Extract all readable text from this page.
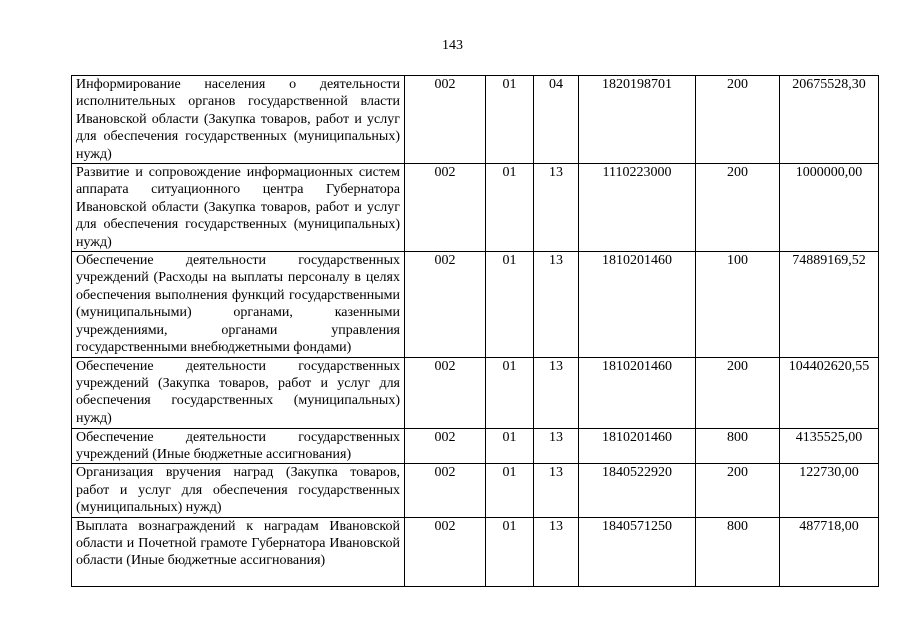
143
Информирование населения о деятельности исполнительных органов государственной власти Ивановской области (Закупка товаров, работ и услуг для обеспечения государственных (муниципальных) нужд)	002	01	04	1820198701	200	20675528,30
Развитие и сопровождение информационных систем аппарата ситуационного центра Губернатора Ивановской области (Закупка товаров, работ и услуг для обеспечения государственных (муниципальных) нужд)	002	01	13	1110223000	200	1000000,00
Обеспечение деятельности государственных учреждений (Расходы на выплаты персоналу в целях обеспечения выполнения функций государственными (муниципальными) органами, казенными учреждениями, органами управления государственными внебюджетными фондами)	002	01	13	1810201460	100	74889169,52
Обеспечение деятельности государственных учреждений (Закупка товаров, работ и услуг для обеспечения государственных (муниципальных) нужд)	002	01	13	1810201460	200	104402620,55
Обеспечение деятельности государственных учреждений (Иные бюджетные ассигнования)	002	01	13	1810201460	800	4135525,00
Организация вручения наград (Закупка товаров, работ и услуг для обеспечения государственных (муниципальных) нужд)	002	01	13	1840522920	200	122730,00
Выплата вознаграждений к наградам Ивановской области и Почетной грамоте Губернатора Ивановской области (Иные бюджетные ассигнования)	002	01	13	1840571250	800	487718,00
